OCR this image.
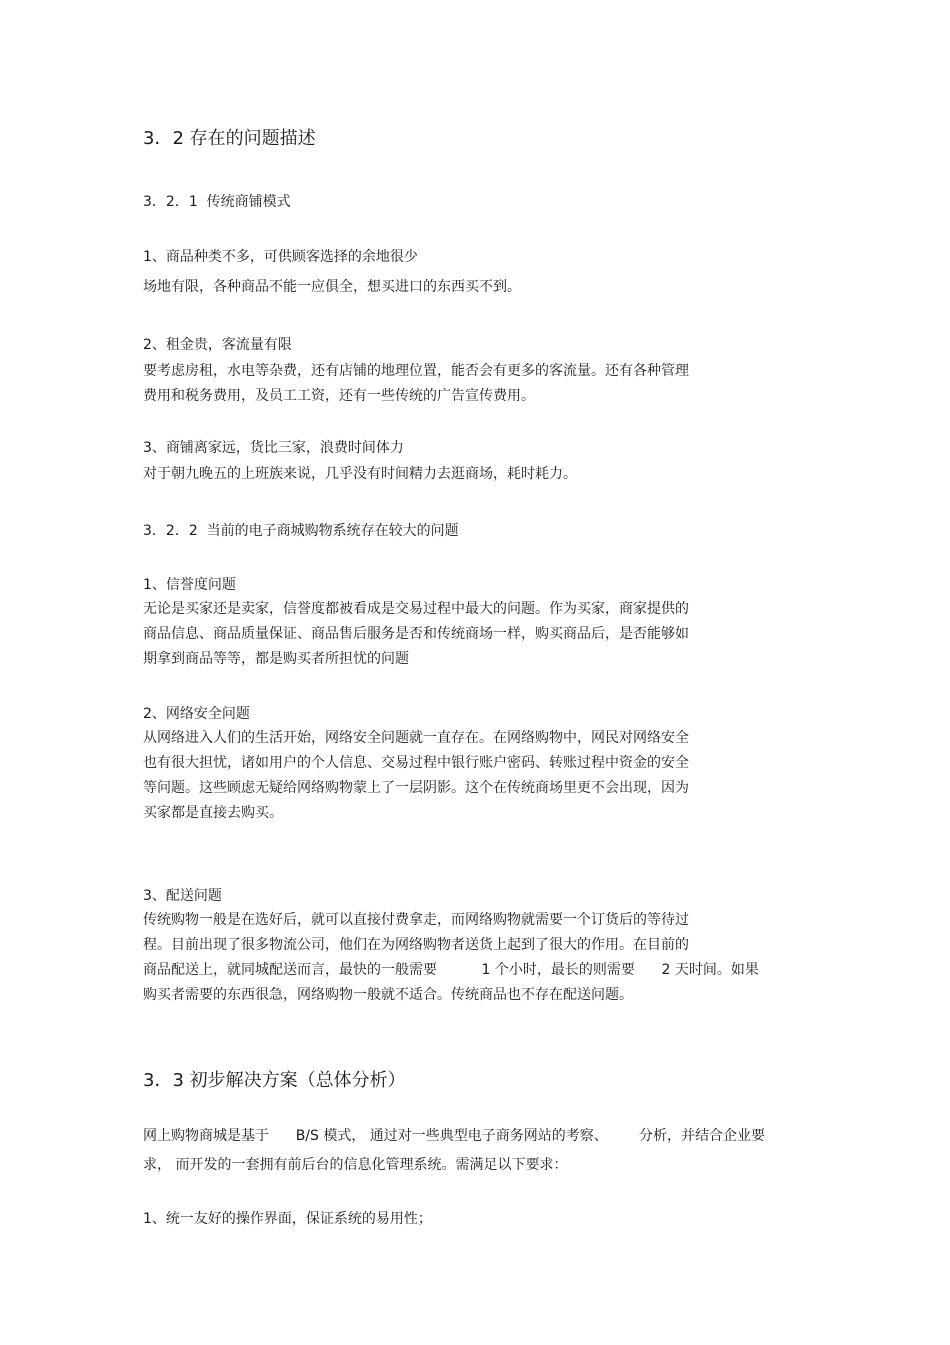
3．2 存在的问题描述
3．2．1  传统商铺模式
1、商品种类不多，可供顾客选择的余地很少
场地有限，各种商品不能一应俱全，想买进口的东西买不到。
2、租金贵，客流量有限
要考虑房租，水电等杂费，还有店铺的地理位置，能否会有更多的客流量。还有各种管理
费用和税务费用，及员工工资，还有一些传统的广告宣传费用。
3、商铺离家远，货比三家，浪费时间体力
对于朝九晚五的上班族来说，几乎没有时间精力去逛商场，耗时耗力。
3．2．2  当前的电子商城购物系统存在较大的问题
1、信誉度问题
无论是买家还是卖家，信誉度都被看成是交易过程中最大的问题。作为买家，商家提供的
商品信息、商品质量保证、商品售后服务是否和传统商场一样，购买商品后，是否能够如
期拿到商品等等，都是购买者所担忧的问题
2、网络安全问题
从网络进入人们的生活开始，网络安全问题就一直存在。在网络购物中，网民对网络安全
也有很大担忧，诸如用户的个人信息、交易过程中银行账户密码、转账过程中资金的安全
等问题。这些顾虑无疑给网络购物蒙上了一层阴影。这个在传统商场里更不会出现，因为
买家都是直接去购买。
3、配送问题
传统购物一般是在选好后，就可以直接付费拿走，而网络购物就需要一个订货后的等待过
程。目前出现了很多物流公司，他们在为网络购物者送货上起到了很大的作用。在目前的
商品配送上，就同城配送而言，最快的一般需要          1 个小时，最长的则需要      2 天时间。如果
购买者需要的东西很急，网络购物一般就不适合。传统商品也不存在配送问题。
3．3 初步解决方案（总体分析）
网上购物商城是基于      B/S 模式， 通过对一些典型电子商务网站的考察、       分析，并结合企业要
求， 而开发的一套拥有前后台的信息化管理系统。需满足以下要求：
1、统一友好的操作界面，保证系统的易用性；
